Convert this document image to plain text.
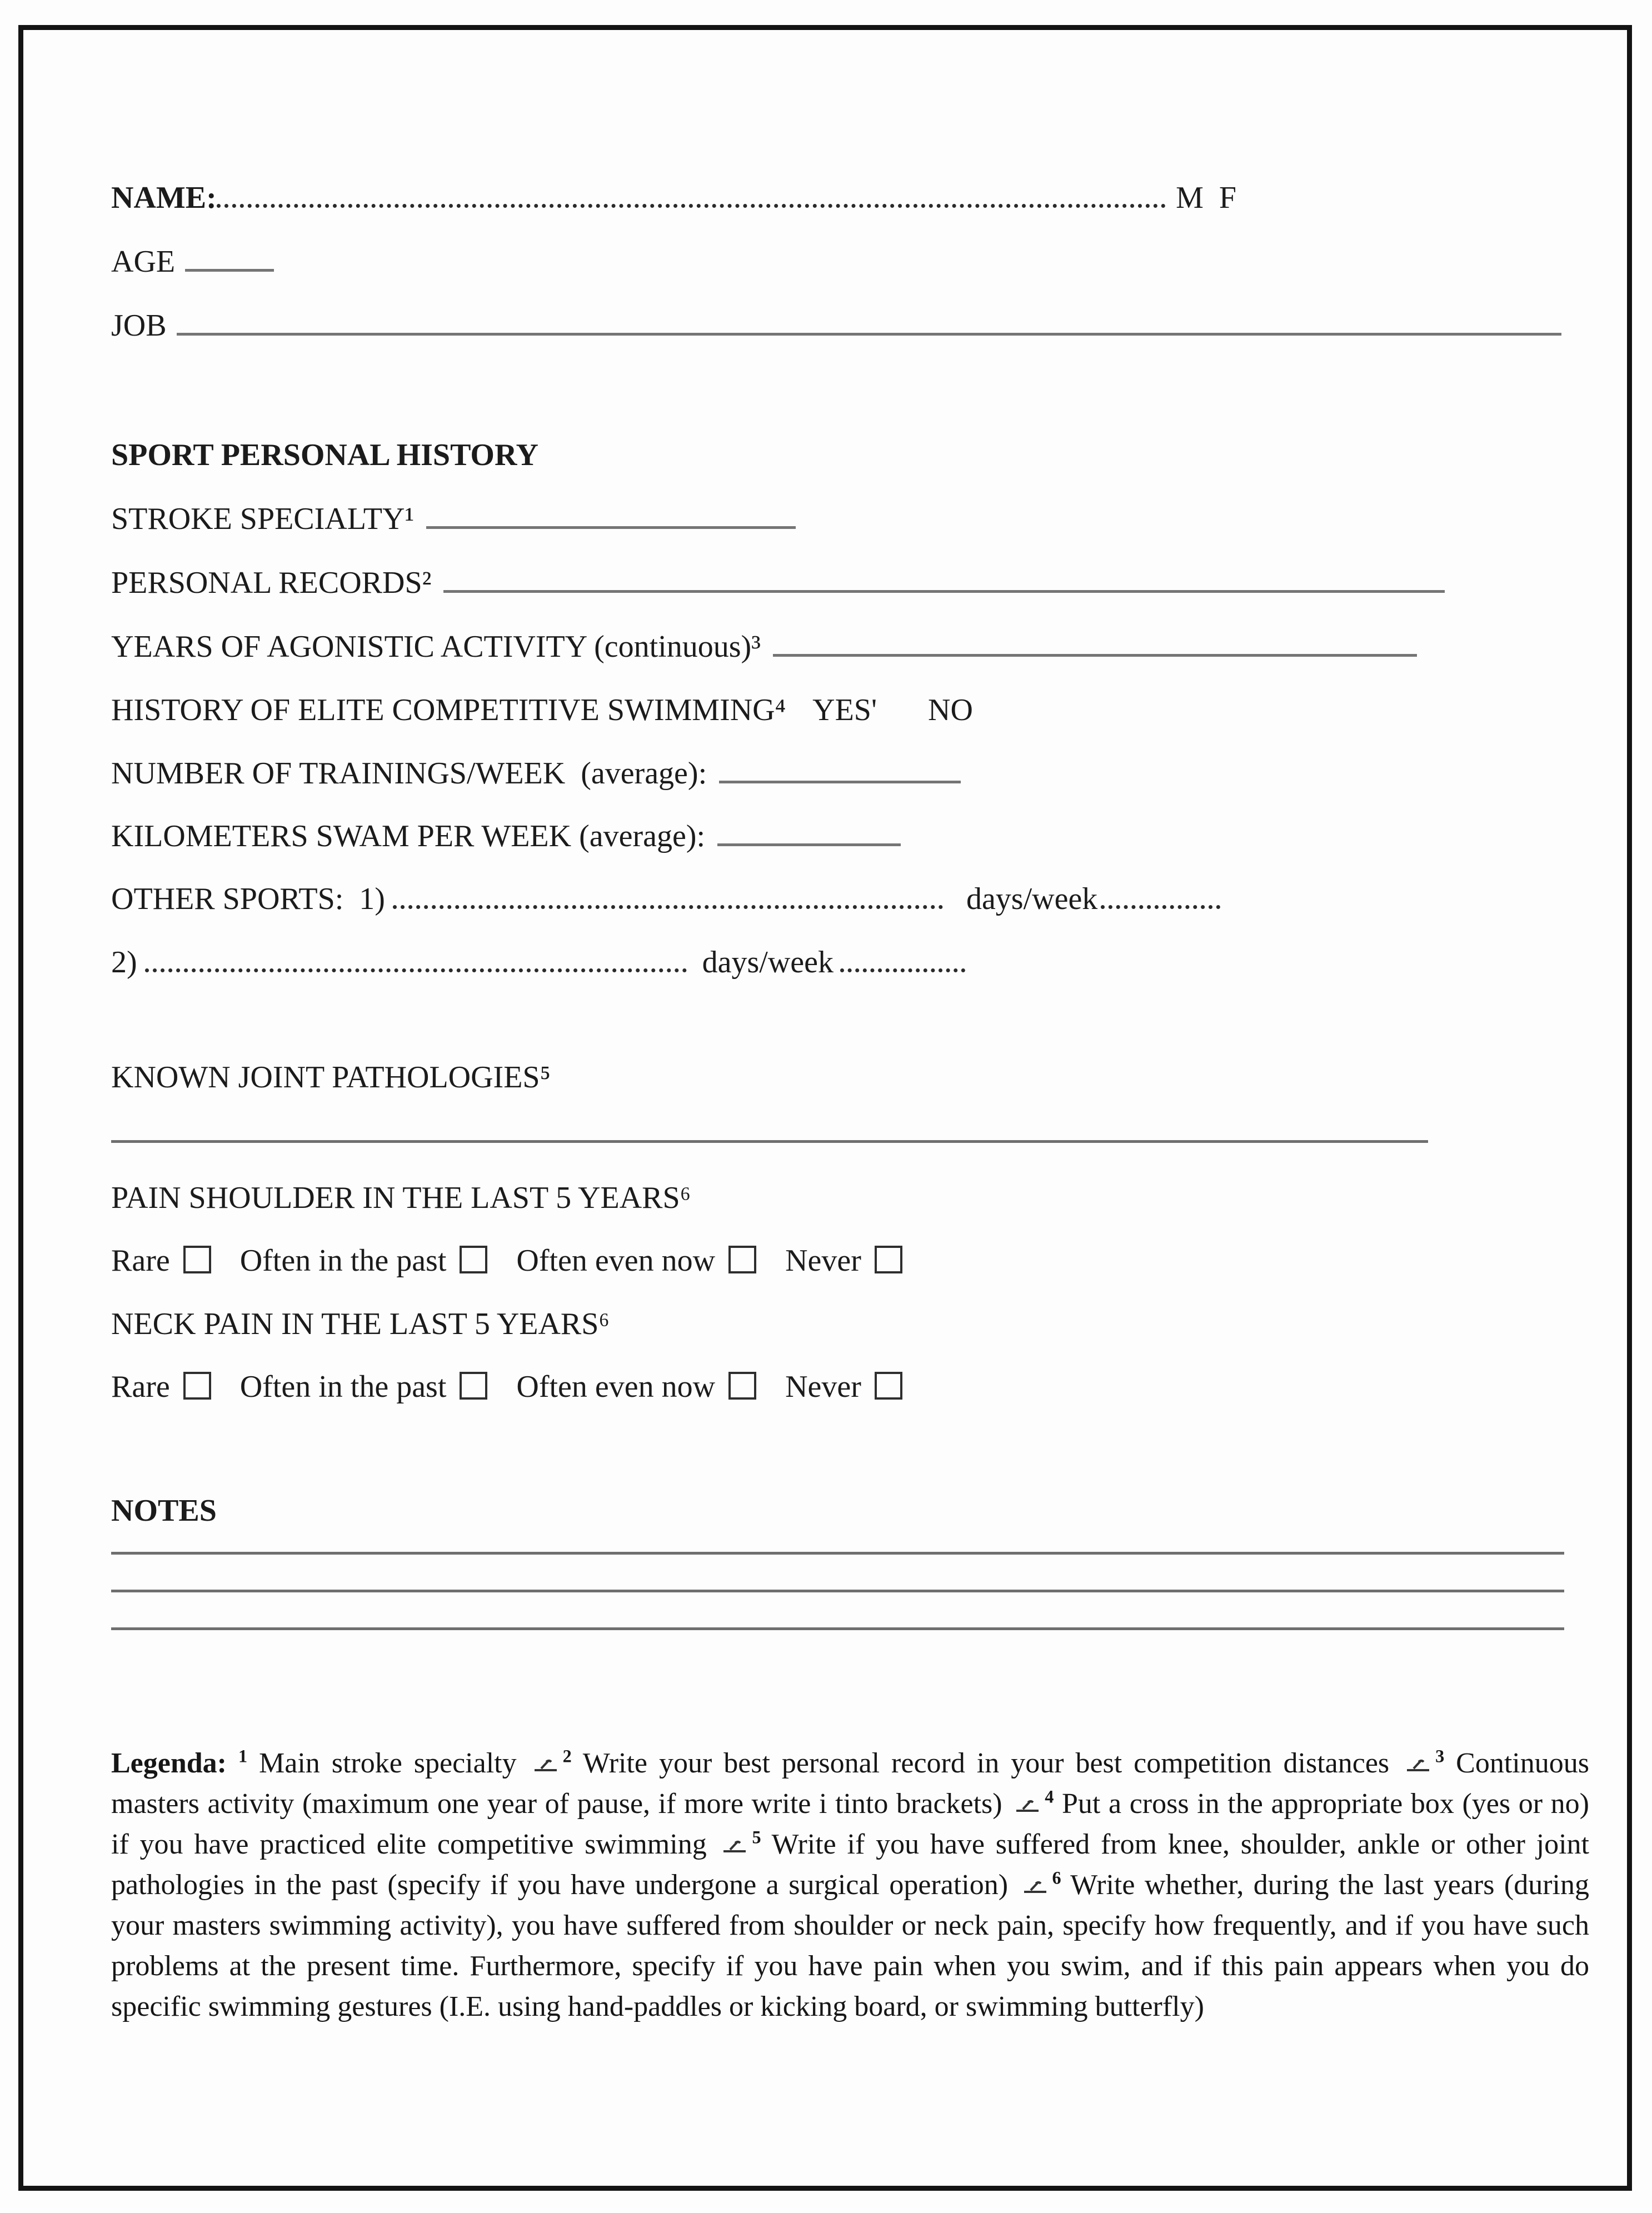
NAME:	M  F
AGE
JOB
SPORT PERSONAL HISTORY
STROKE SPECIALTY¹
PERSONAL RECORDS²
YEARS OF AGONISTIC ACTIVITY (continuous)³
HISTORY OF ELITE COMPETITIVE SWIMMING⁴ YES' NO
NUMBER OF TRAININGS/WEEK  (average):
KILOMETERS SWAM PER WEEK (average):
OTHER SPORTS:  1)	days/week
2)	days/week
KNOWN JOINT PATHOLOGIES⁵
PAIN SHOULDER IN THE LAST 5 YEARS⁶
Rare Often in the past Often even now Never
NECK PAIN IN THE LAST 5 YEARS⁶
Rare Often in the past Often even now Never
NOTES

Legenda: $^1$ Main stroke specialty $^2$ Write your best personal record in your best competition distances $^3$ Continuous masters activity (maximum one year of pause, if more write i tinto brackets) $^4$ Put a cross in the appropriate box (yes or no) if you have practiced elite competitive swimming $^5$ Write if you have suffered from knee, shoulder, ankle or other joint pathologies in the past (specify if you have undergone a surgical operation) $^6$ Write whether, during the last years (during your masters swimming activity), you have suffered from shoulder or neck pain, specify how frequently, and if you have such problems at the present time. Furthermore, specify if you have pain when you swim, and if this pain appears when you do specific swimming gestures (I.E. using hand-paddles or kicking board, or swimming butterfly)
